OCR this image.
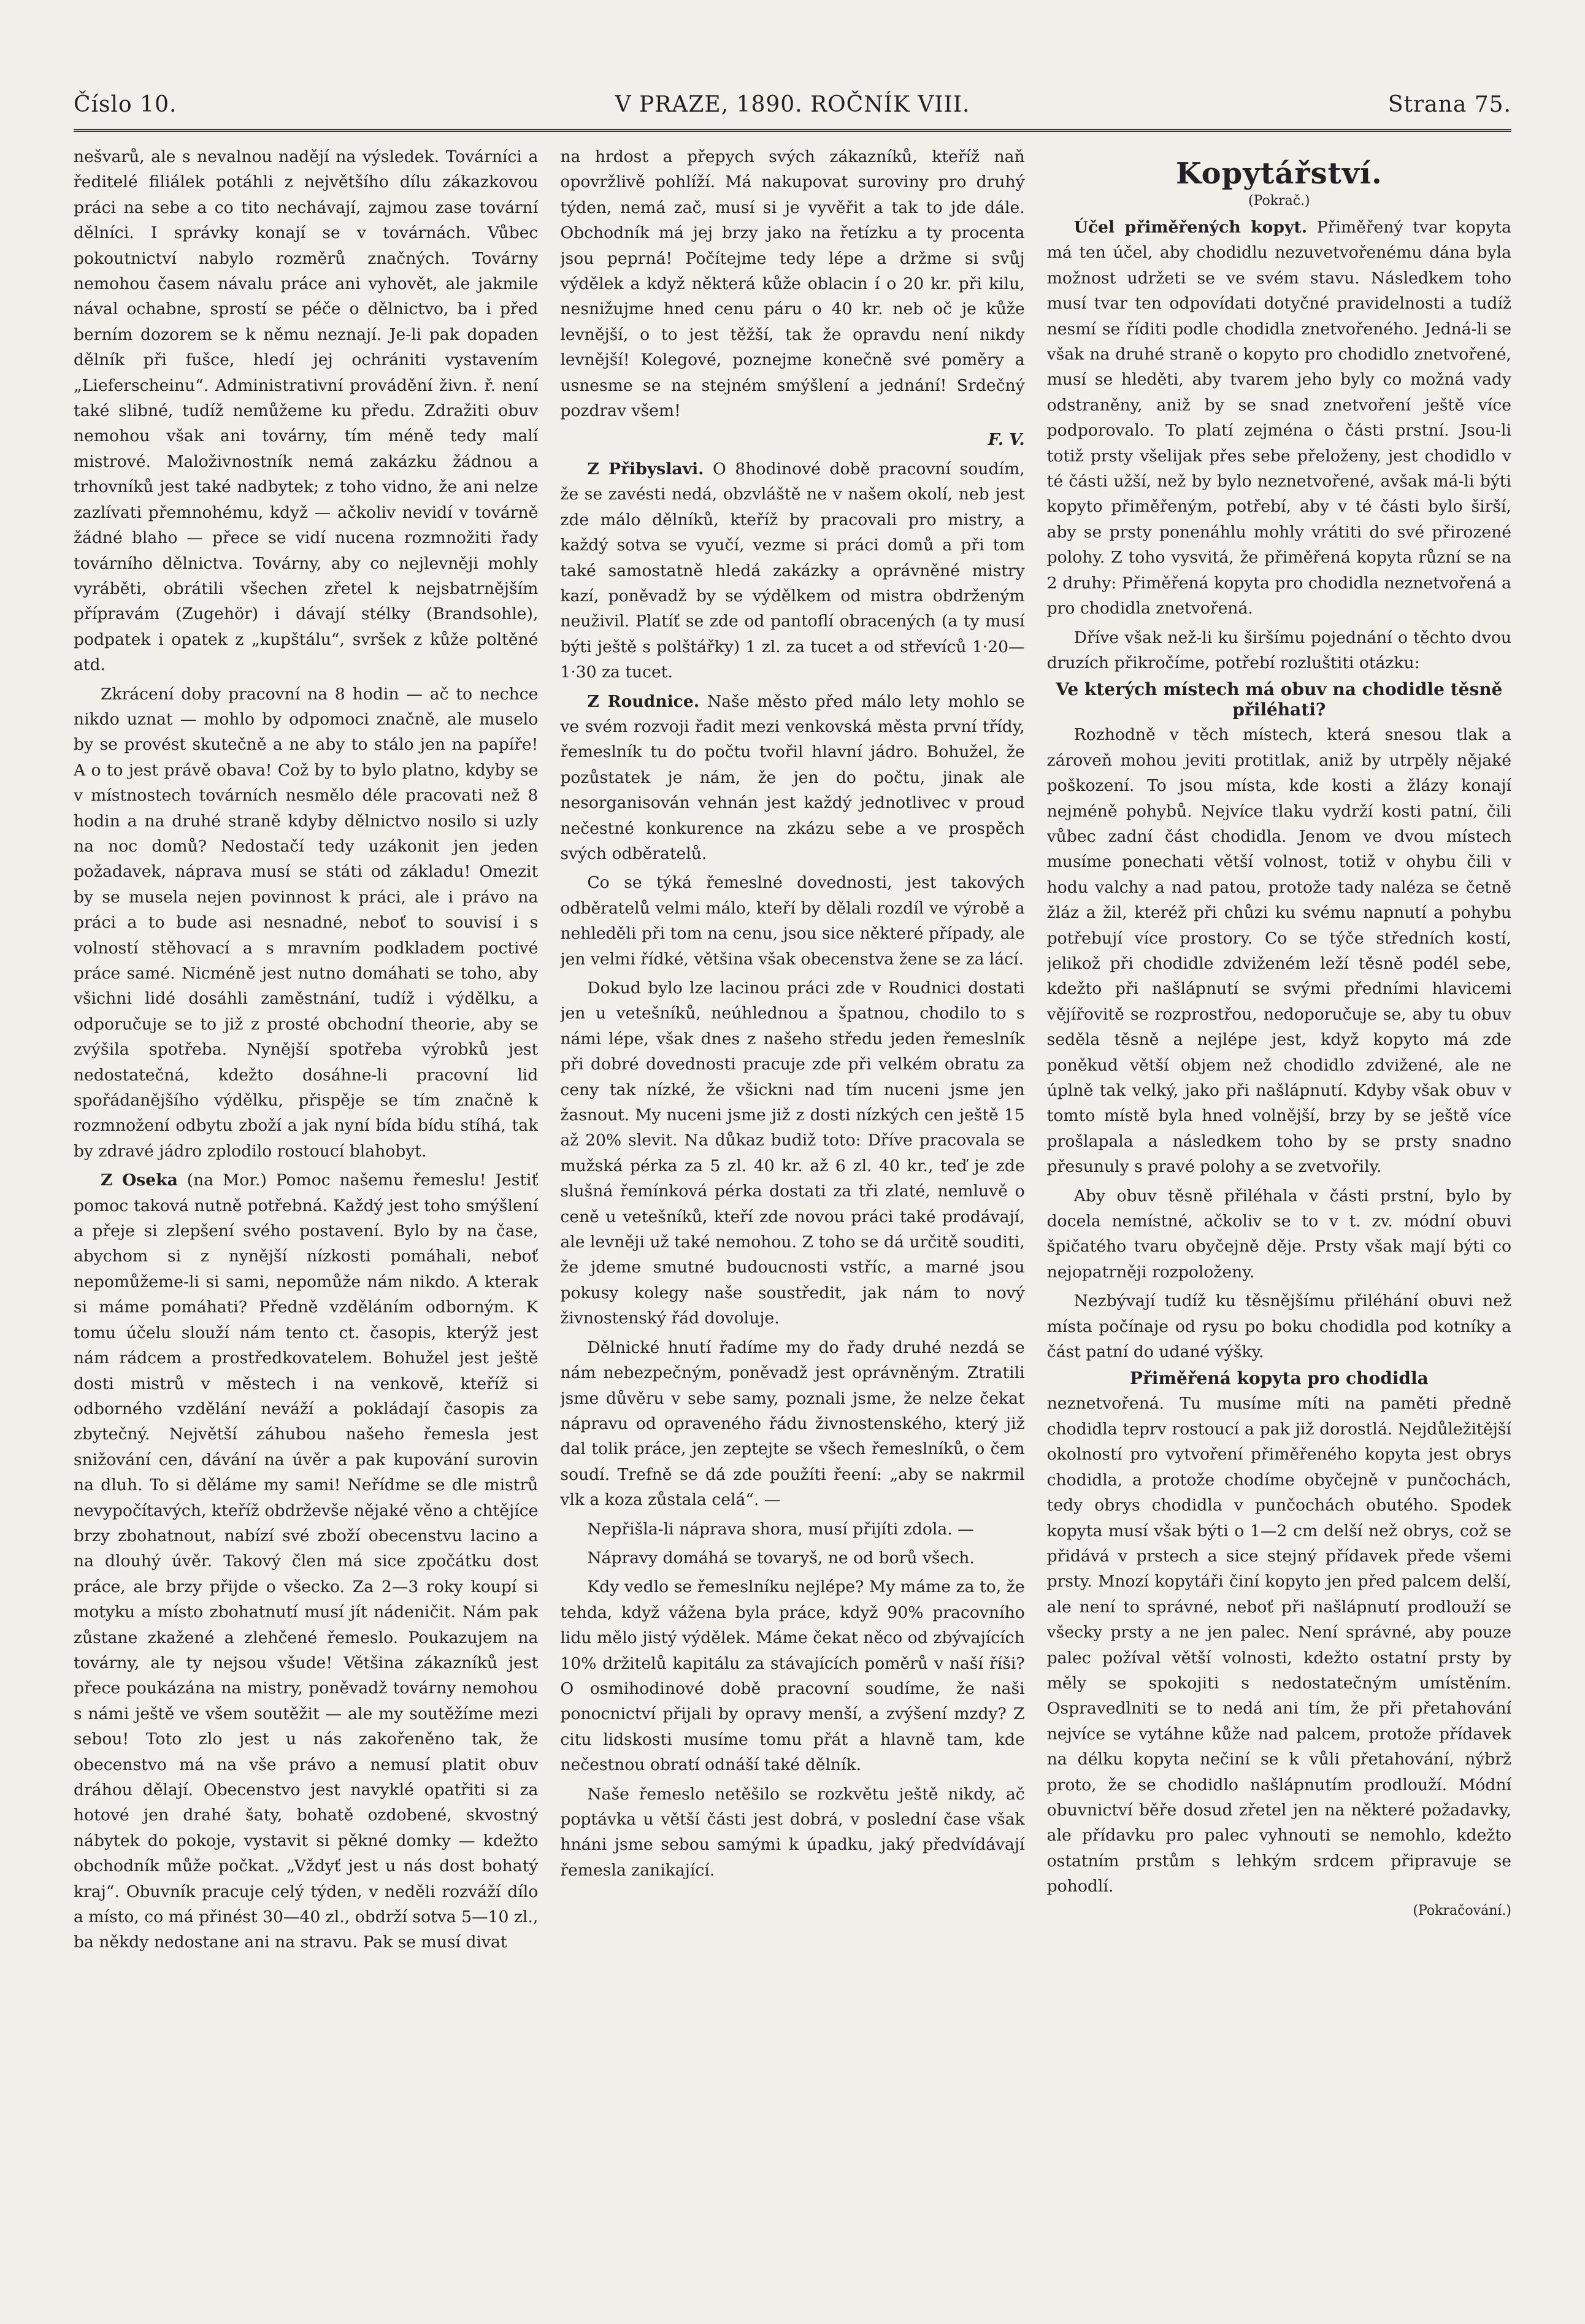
Číslo 10.	V PRAZE, 1890. ROČNÍK VIII.	Strana 75.

nešvarů, ale s nevalnou nadějí na výsledek. Továrníci a ředitelé filiálek potáhli z největšího dílu zákazkovou práci na sebe a co tito nechávají, zajmou zase tovární dělníci. I správky konají se v továrnách. Vůbec pokoutnictví nabylo rozměrů značných. Továrny nemohou časem návalu práce ani vyhovět, ale jakmile nával ochabne, sprostí se péče o dělnictvo, ba i před berním dozorem se k němu neznají. Je-li pak dopaden dělník při fušce, hledí jej ochrániti vystavením „Lieferscheinu“. Administrativní provádění živn. ř. není také slibné, tudíž nemůžeme ku předu. Zdražiti obuv nemohou však ani továrny, tím méně tedy malí mistrové. Maloživnostník nemá zakázku žádnou a trhovníků jest také nadbytek; z toho vidno, že ani nelze zazlívati přemnohému, když — ačkoliv nevidí v továrně žádné blaho — přece se vidí nucena rozmnožiti řady továrního dělnictva. Továrny, aby co nejlevněji mohly vyráběti, obrátili všechen zřetel k nejsbatrnějším přípravám (Zugehör) i dávají stélky (Brandsohle), podpatek i opatek z „kupštálu“, svršek z kůže poltěné atd.

Zkrácení doby pracovní na 8 hodin — ač to nechce nikdo uznat — mohlo by odpomoci značně, ale muselo by se provést skutečně a ne aby to stálo jen na papíře! A o to jest právě obava! Což by to bylo platno, kdyby se v místnostech továrních nesmělo déle pracovati než 8 hodin a na druhé straně kdyby dělnictvo nosilo si uzly na noc domů? Nedostačí tedy uzákonit jen jeden požadavek, náprava musí se státi od základu! Omezit by se musela nejen povinnost k práci, ale i právo na práci a to bude asi nesnadné, neboť to souvisí i s volností stěhovací a s mravním podkladem poctivé práce samé. Nicméně jest nutno domáhati se toho, aby všichni lidé dosáhli zaměstnání, tudíž i výdělku, a odporučuje se to již z prosté obchodní theorie, aby se zvýšila spotřeba. Nynější spotřeba výrobků jest nedostatečná, kdežto dosáhne-li pracovní lid spořádanějšího výdělku, přispěje se tím značně k rozmnožení odbytu zboží a jak nyní bída bídu stíhá, tak by zdravé jádro zplodilo rostoucí blahobyt.

Z Oseka (na Mor.) Pomoc našemu řemeslu! Jestiť pomoc taková nutně potřebná. Každý jest toho smýšlení a přeje si zlepšení svého postavení. Bylo by na čase, abychom si z nynější nízkosti pomáhali, neboť nepomůžeme-li si sami, nepomůže nám nikdo. A kterak si máme pomáhati? Předně vzděláním odborným. K tomu účelu slouží nám tento ct. časopis, kterýž jest nám rádcem a prostředkovatelem. Bohužel jest ještě dosti mistrů v městech i na venkově, kteříž si odborného vzdělání neváží a pokládají časopis za zbytečný. Největší záhubou našeho řemesla jest snižování cen, dávání na úvěr a pak kupování surovin na dluh. To si děláme my sami! Neřídme se dle mistrů nevypočítavých, kteříž obdrževše nějaké věno a chtějíce brzy zbohatnout, nabízí své zboží obecenstvu lacino a na dlouhý úvěr. Takový člen má sice zpočátku dost práce, ale brzy přijde o všecko. Za 2—3 roky koupí si motyku a místo zbohatnutí musí jít nádeničit. Nám pak zůstane zkažené a zlehčené řemeslo. Poukazujem na továrny, ale ty nejsou všude! Většina zákazníků jest přece poukázána na mistry, poněvadž továrny nemohou s námi ještě ve všem soutěžit — ale my soutěžíme mezi sebou! Toto zlo jest u nás zakořeněno tak, že obecenstvo má na vše právo a nemusí platit obuv dráhou dělají. Obecenstvo jest navyklé opatřiti si za hotové jen drahé šaty, bohatě ozdobené, skvostný nábytek do pokoje, vystavit si pěkné domky — kdežto obchodník může počkat. „Vždyť jest u nás dost bohatý kraj“. Obuvník pracuje celý týden, v neděli rozváží dílo a místo, co má přinést 30—40 zl., obdrží sotva 5—10 zl., ba někdy nedostane ani na stravu. Pak se musí divat

na hrdost a přepych svých zákazníků, kteříž naň opovržlivě pohlíží. Má nakupovat suroviny pro druhý týden, nemá zač, musí si je vyvěřit a tak to jde dále. Obchodník má jej brzy jako na řetízku a ty procenta jsou peprná! Počítejme tedy lépe a držme si svůj výdělek a když některá kůže oblacin í o 20 kr. při kilu, nesnižujme hned cenu páru o 40 kr. neb oč je kůže levnější, o to jest těžší, tak že opravdu není nikdy levnější! Kolegové, poznejme konečně své poměry a usnesme se na stejném smýšlení a jednání! Srdečný pozdrav všem!

F. V.

Z Přibyslavi. O 8hodinové době pracovní soudím, že se zavésti nedá, obzvláště ne v našem okolí, neb jest zde málo dělníků, kteříž by pracovali pro mistry, a každý sotva se vyučí, vezme si práci domů a při tom také samostatně hledá zakázky a oprávněné mistry kazí, poněvadž by se výdělkem od mistra obdrženým neuživil. Platíť se zde od pantoflí obracených (a ty musí býti ještě s polštářky) 1 zl. za tucet a od střevíců 1·20—1·30 za tucet.

Z Roudnice. Naše město před málo lety mohlo se ve svém rozvoji řadit mezi venkovská města první třídy, řemeslník tu do počtu tvořil hlavní jádro. Bohužel, že pozůstatek je nám, že jen do počtu, jinak ale nesorganisován vehnán jest každý jednotlivec v proud nečestné konkurence na zkázu sebe a ve prospěch svých odběratelů.

Co se týká řemeslné dovednosti, jest takových odběratelů velmi málo, kteří by dělali rozdíl ve výrobě a nehleděli při tom na cenu, jsou sice některé případy, ale jen velmi řídké, většina však obecenstva žene se za lácí.

Dokud bylo lze lacinou práci zde v Roudnici dostati jen u vetešníků, neúhlednou a špatnou, chodilo to s námi lépe, však dnes z našeho středu jeden řemeslník při dobré dovednosti pracuje zde při velkém obratu za ceny tak nízké, že všickni nad tím nuceni jsme jen žasnout. My nuceni jsme již z dosti nízkých cen ještě 15 až 20% slevit. Na důkaz budiž toto: Dříve pracovala se mužská pérka za 5 zl. 40 kr. až 6 zl. 40 kr., teď je zde slušná řemínková pérka dostati za tři zlaté, nemluvě o ceně u vetešníků, kteří zde novou práci také prodávají, ale levněji už také nemohou. Z toho se dá určitě souditi, že jdeme smutné budoucnosti vstříc, a marné jsou pokusy kolegy naše soustředit, jak nám to nový živnostenský řád dovoluje.

Dělnické hnutí řadíme my do řady druhé nezdá se nám nebezpečným, poněvadž jest oprávněným. Ztratili jsme důvěru v sebe samy, poznali jsme, že nelze čekat nápravu od opraveného řádu živnostenského, který již dal tolik práce, jen zeptejte se všech řemeslníků, o čem soudí. Trefně se dá zde použíti řeení: „aby se nakrmil vlk a koza zůstala celá“. —

Nepřišla-li náprava shora, musí přijíti zdola. —

Nápravy domáhá se tovaryš, ne od borů všech.

Kdy vedlo se řemeslníku nejlépe? My máme za to, že tehda, když vážena byla práce, když 90% pracovního lidu mělo jistý výdělek. Máme čekat něco od zbývajících 10% držitelů kapitálu za stávajících poměrů v naší říši? O osmihodinové době pracovní soudíme, že naši ponocnictví přijali by opravy menší, a zvýšení mzdy? Z citu lidskosti musíme tomu přát a hlavně tam, kde nečestnou obratí odnáší také dělník.

Naše řemeslo netěšilo se rozkvětu ještě nikdy, ač poptávka u větší části jest dobrá, v poslední čase však hnáni jsme sebou samými k úpadku, jaký předvídávají řemesla zanikající.

Kopytářství.
(Pokrač.)

Účel přiměřených kopyt. Přiměřený tvar kopyta má ten účel, aby chodidlu nezuvetvořenému dána byla možnost udržeti se ve svém stavu. Následkem toho musí tvar ten odpovídati dotyčné pravidelnosti a tudíž nesmí se říditi podle chodidla znetvořeného. Jedná-li se však na druhé straně o kopyto pro chodidlo znetvořené, musí se hleděti, aby tvarem jeho byly co možná vady odstraněny, aniž by se snad znetvoření ještě více podporovalo. To platí zejména o části prstní. Jsou-li totiž prsty všelijak přes sebe přeloženy, jest chodidlo v té části užší, než by bylo neznetvořené, avšak má-li býti kopyto přiměřeným, potřebí, aby v té části bylo širší, aby se prsty ponenáhlu mohly vrátiti do své přirozené polohy. Z toho vysvitá, že přiměřená kopyta různí se na 2 druhy: Přiměřená kopyta pro chodidla neznetvořená a pro chodidla znetvořená.

Dříve však než-li ku širšímu pojednání o těchto dvou druzích přikročíme, potřebí rozluštiti otázku:

Ve kterých místech má obuv na chodidle těsně přiléhati?

Rozhodně v těch místech, která snesou tlak a zároveň mohou jeviti protitlak, aniž by utrpěly nějaké poškození. To jsou místa, kde kosti a žlázy konají nejméně pohybů. Nejvíce tlaku vydrží kosti patní, čili vůbec zadní část chodidla. Jenom ve dvou místech musíme ponechati větší volnost, totiž v ohybu čili v hodu valchy a nad patou, protože tady naléza se četně žláz a žil, kteréž při chůzi ku svému napnutí a pohybu potřebují více prostory. Co se týče středních kostí, jelikož při chodidle zdviženém leží těsně podél sebe, kdežto při našlápnutí se svými předními hlavicemi vějířovitě se rozprostřou, nedoporučuje se, aby tu obuv seděla těsně a nejlépe jest, když kopyto má zde poněkud větší objem než chodidlo zdvižené, ale ne úplně tak velký, jako při našlápnutí. Kdyby však obuv v tomto místě byla hned volnější, brzy by se ještě více prošlapala a následkem toho by se prsty snadno přesunuly s pravé polohy a se zvetvořily.

Aby obuv těsně přiléhala v části prstní, bylo by docela nemístné, ačkoliv se to v t. zv. módní obuvi špičatého tvaru obyčejně děje. Prsty však mají býti co nejopatrněji rozpoloženy.

Nezbývají tudíž ku těsnějšímu přiléhání obuvi než místa počínaje od rysu po boku chodidla pod kotníky a část patní do udané výšky.

Přiměřená kopyta pro chodidla

neznetvořená. Tu musíme míti na paměti předně chodidla teprv rostoucí a pak již dorostlá. Nejdůležitější okolností pro vytvoření přiměřeného kopyta jest obrys chodidla, a protože chodíme obyčejně v punčochách, tedy obrys chodidla v punčochách obutého. Spodek kopyta musí však býti o 1—2 cm delší než obrys, což se přidává v prstech a sice stejný přídavek přede všemi prsty. Mnozí kopytáři činí kopyto jen před palcem delší, ale není to správné, neboť při našlápnutí prodlouží se všecky prsty a ne jen palec. Není správné, aby pouze palec požíval větší volnosti, kdežto ostatní prsty by měly se spokojiti s nedostatečným umístěním. Ospravedlniti se to nedá ani tím, že při přetahování nejvíce se vytáhne kůže nad palcem, protože přídavek na délku kopyta nečiní se k vůli přetahování, nýbrž proto, že se chodidlo našlápnutím prodlouží. Módní obuvnictví běře dosud zřetel jen na některé požadavky, ale přídavku pro palec vyhnouti se nemohlo, kdežto ostatním prstům s lehkým srdcem připravuje se pohodlí.

(Pokračování.)
